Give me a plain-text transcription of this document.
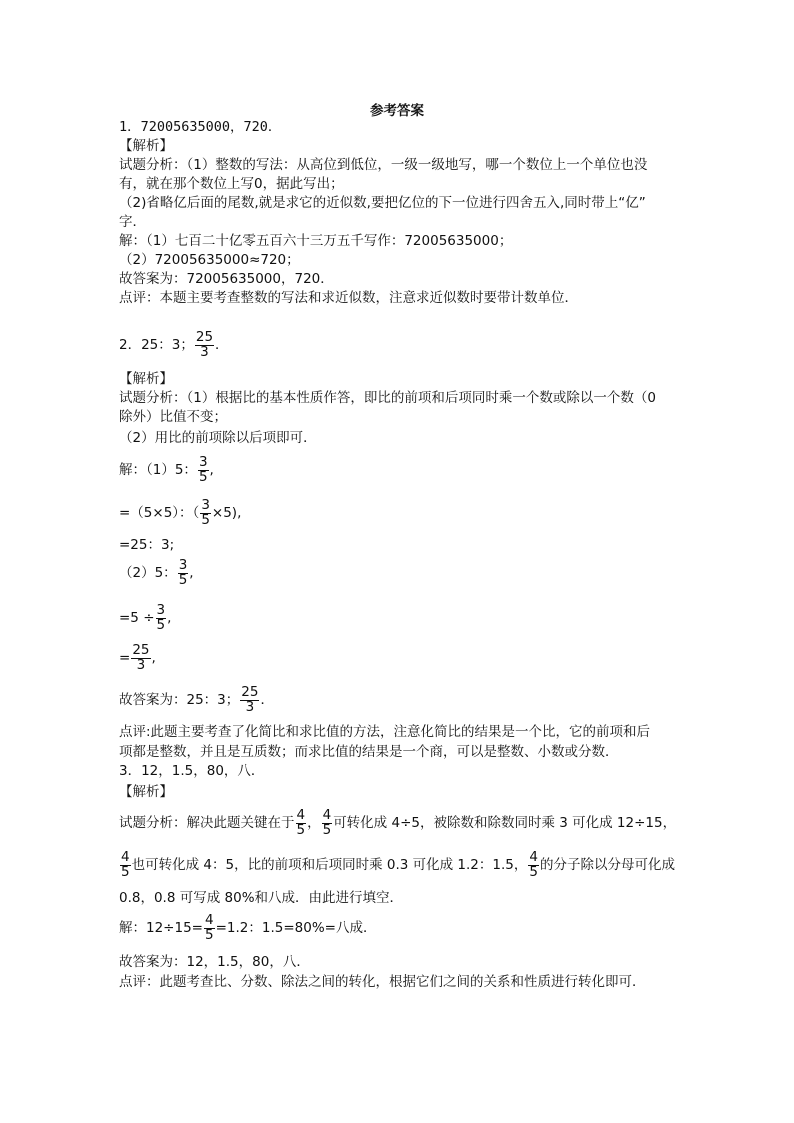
参考答案
1．72005635000，720．
【解析】
试题分析：（1）整数的写法：从高位到低位，一级一级地写，哪一个数位上一个单位也没
有，就在那个数位上写0，据此写出；
（2)省略亿后面的尾数,就是求它的近似数,要把亿位的下一位进行四舍五入,同时带上“亿”
字．
解：（1）七百二十亿零五百六十三万五千写作：72005635000；
（2）72005635000≈720；
故答案为：72005635000，720．
点评：本题主要考查整数的写法和求近似数，注意求近似数时要带计数单位．
2．25：3； $\frac{25}{3}$ ．
【解析】
试题分析：（1）根据比的基本性质作答，即比的前项和后项同时乘一个数或除以一个数（0
除外）比值不变；
（2）用比的前项除以后项即可．
解：（1）5： $\frac{3}{5}$ ,
=（5×5）：（ $\frac{3}{5} \times 5$),
=25：3;
（2）5： $\frac{3}{5}$ ,
$=5 \div \frac{3}{5}$ ,
= $\frac{25}{3}$ ,
故答案为：25：3； $\frac{25}{3}$ ．
点评:此题主要考查了化简比和求比值的方法，注意化简比的结果是一个比，它的前项和后
项都是整数，并且是互质数；而求比值的结果是一个商，可以是整数、小数或分数．
3．12，1.5，80，八．
【解析】
试题分析：解决此题关键在于 $\frac{4}{5}$ ， $\frac{4}{5}$ 可转化成 4÷5，被除数和除数同时乘 3 可化成 12÷15，
$\frac{4}{5}$ 也可转化成 4：5，比的前项和后项同时乘 0.3 可化成 1.2：1.5， $\frac{4}{5}$ 的分子除以分母可化成
0.8，0.8 可写成 80%和八成．由此进行填空．
解：$12\div 15= \frac{4}{5} =1.2$：1.5=80%=八成．
故答案为：12，1.5，80，八．
点评：此题考查比、分数、除法之间的转化，根据它们之间的关系和性质进行转化即可．
